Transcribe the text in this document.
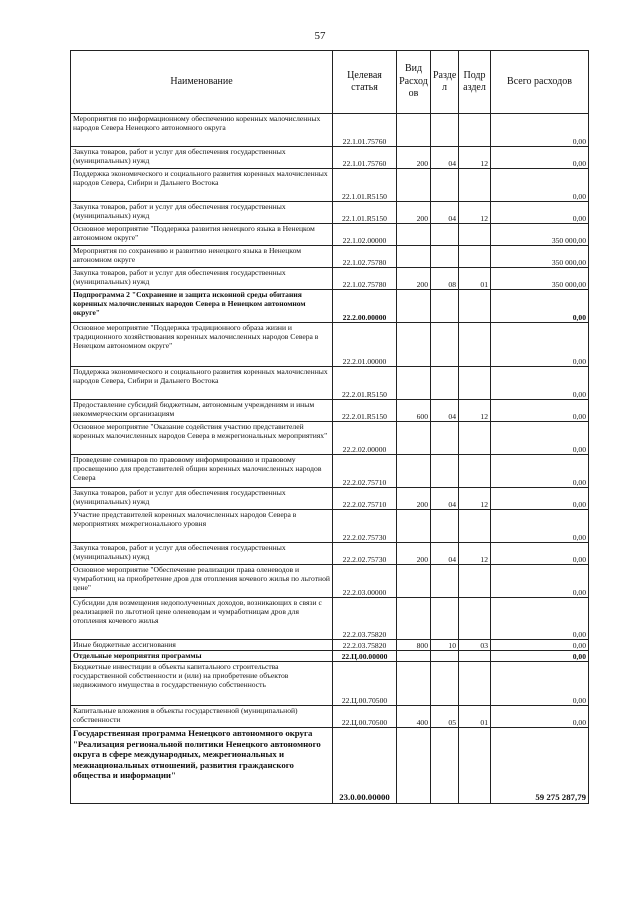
57
Наименование	Целевая статья	Вид Расход ов	Разде л	Подр аздел	Всего расходов
Мероприятия по информационному обеспечению коренных малочисленных народов Севера Ненецкого автономного округа	22.1.01.75760				0,00
Закупка товаров, работ и услуг для обеспечения государственных (муниципальных) нужд	22.1.01.75760	200	04	12	0,00
Поддержка экономического и социального развития коренных малочисленных народов Севера, Сибири и Дальнего Востока	22.1.01.R5150				0,00
Закупка товаров, работ и услуг для обеспечения государственных (муниципальных) нужд	22.1.01.R5150	200	04	12	0,00
Основное мероприятие "Поддержка развития ненецкого языка в Ненецком автономном округе"	22.1.02.00000				350 000,00
Мероприятия по сохранению и развитию ненецкого языка в Ненецком автономном округе	22.1.02.75780				350 000,00
Закупка товаров, работ и услуг для обеспечения государственных (муниципальных) нужд	22.1.02.75780	200	08	01	350 000,00
Подпрограмма 2 "Сохранение и защита исконной среды обитания коренных малочисленных народов Севера в Ненецком автономном округе"	22.2.00.00000				0,00
Основное мероприятие "Поддержка традиционного образа жизни и традиционного хозяйствования коренных малочисленных народов Севера в Ненецком автономном округе"	22.2.01.00000				0,00
Поддержка экономического и социального развития коренных малочисленных народов Севера, Сибири и Дальнего Востока	22.2.01.R5150				0,00
Предоставление субсидий бюджетным, автономным учреждениям и иным некоммерческим организациям	22.2.01.R5150	600	04	12	0,00
Основное мероприятие "Оказание содействия участию представителей коренных малочисленных народов Севера в межрегиональных мероприятиях"	22.2.02.00000				0,00
Проведение семинаров по правовому информированию и правовому просвещению для представителей общин коренных малочисленных народов Севера	22.2.02.75710				0,00
Закупка товаров, работ и услуг для обеспечения государственных (муниципальных) нужд	22.2.02.75710	200	04	12	0,00
Участие представителей коренных малочисленных народов Севера в мероприятиях межрегионального уровня	22.2.02.75730				0,00
Закупка товаров, работ и услуг для обеспечения государственных (муниципальных) нужд	22.2.02.75730	200	04	12	0,00
Основное мероприятие "Обеспечение реализации права оленеводов и чумработниц на приобретение дров для отопления кочевого жилья по льготной цене"	22.2.03.00000				0,00
Субсидии для возмещения недополученных доходов, возникающих в связи с реализацией по льготной цене оленеводам и чумработницам дров для отопления кочевого жилья	22.2.03.75820				0,00
Иные бюджетные ассигнования	22.2.03.75820	800	10	03	0,00
Отдельные мероприятия программы	22.Ц.00.00000				0,00
Бюджетные инвестиции в объекты капитального строительства государственной собственности и (или) на приобретение объектов недвижимого имущества в государственную собственность	22.Ц.00.70500				0,00
Капитальные вложения в объекты государственной (муниципальной) собственности	22.Ц.00.70500	400	05	01	0,00
Государственная программа Ненецкого автономного округа "Реализация региональной политики Ненецкого автономного округа в сфере международных, межрегиональных и межнациональных отношений, развития гражданского общества и информации"	23.0.00.00000				59 275 287,79
